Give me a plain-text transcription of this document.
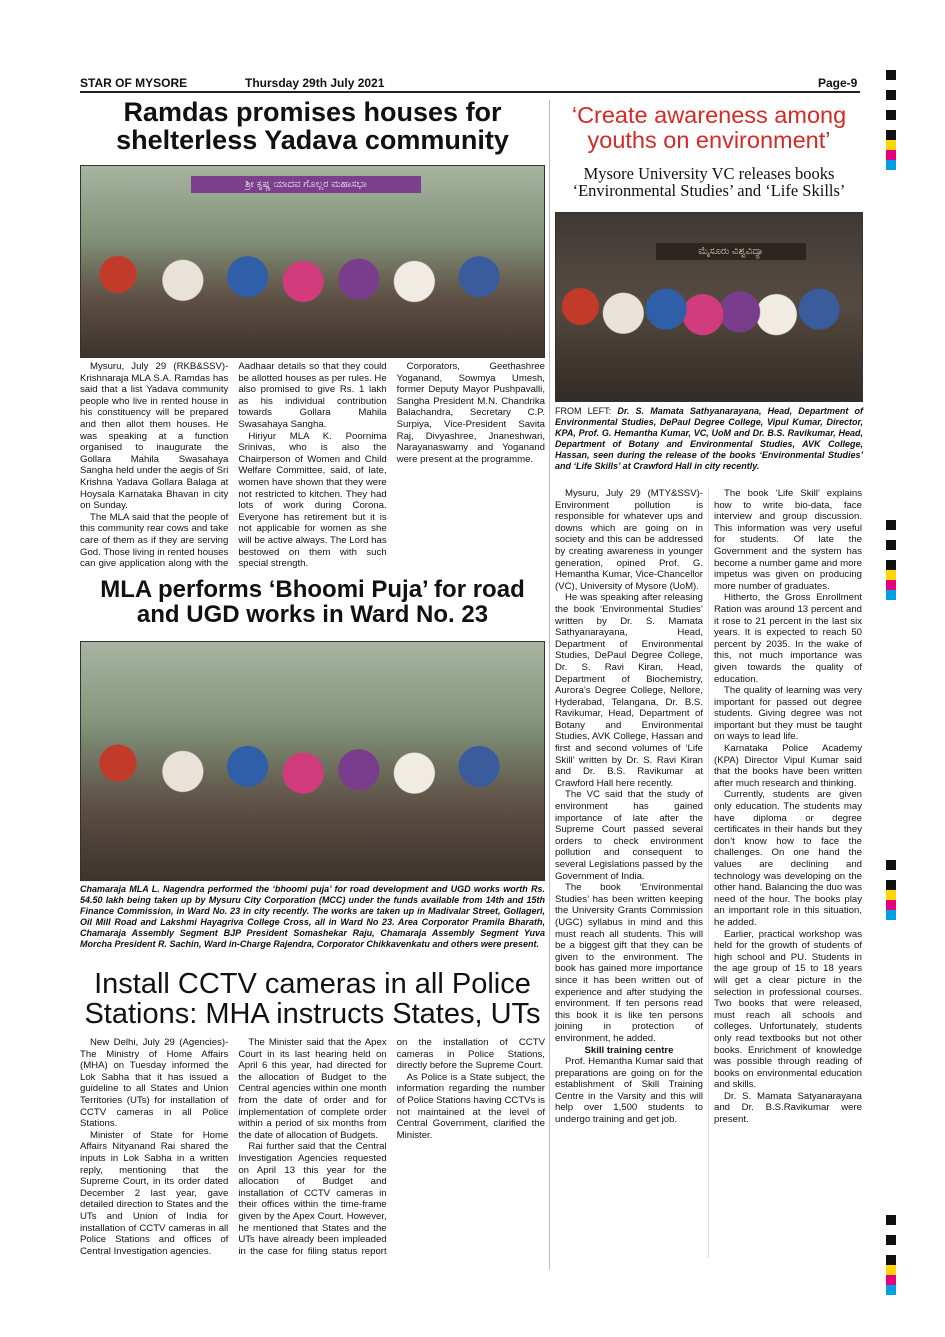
STAR OF MYSORE	Thursday 29th July 2021	Page-9
Ramdas promises houses for
shelterless Yadava community
ಶ್ರೀ ಕೃಷ್ಣ ಯಾದವ ಗೊಲ್ಲರ ಮಹಾಸಭಾ

Mysuru, July 29 (RKB&SSV)- Krishnaraja MLA S.A. Ramdas has said that a list Yadava community people who live in rented house in his constituency will be prepared and then allot them houses. He was speaking at a function organised to inaugurate the Gollara Mahila Swasahaya Sangha held under the aegis of Sri Krishna Yadava Gollara Balaga at Hoysala Karnataka Bhavan in city on Sunday.

The MLA said that the people of this community rear cows and take care of them as if they are serving God. Those living in rented houses can give application along with the Aadhaar details so that they could be allotted houses as per rules. He also promised to give Rs. 1 lakh as his individual contribution towards Gollara Mahila Swasahaya Sangha.

Hiriyur MLA K. Poornima Srinivas, who is also the Chairperson of Women and Child Welfare Committee, said, of late, women have shown that they were not restricted to kitchen. They had lots of work during Corona. Everyone has retirement but it is not applicable for women as she will be active always. The Lord has bestowed on them with such special strength.

Corporators, Geethashree Yoganand, Sowmya Umesh, former Deputy Mayor Pushpavalli, Sangha President M.N. Chandrika Balachandra, Secretary C.P. Surpiya, Vice-President Savita Raj, Divyashree, Jnaneshwari, Narayanaswamy and Yoganand were present at the programme.

MLA performs ‘Bhoomi Puja’ for road
and UGD works in Ward No. 23
Chamaraja MLA L. Nagendra performed the ‘bhoomi puja’ for road development and UGD works worth Rs. 54.50 lakh being taken up by Mysuru City Corporation (MCC) under the funds available from 14th and 15th Finance Commission, in Ward No. 23 in city recently. The works are taken up in Madivalar Street, Gollageri, Oil Mill Road and Lakshmi Hayagriva College Cross, all in Ward No 23. Area Corporator Pramila Bharath, Chamaraja Assembly Segment BJP President Somashekar Raju, Chamaraja Assembly Segment Yuva Morcha President R. Sachin, Ward in-Charge Rajendra, Corporator Chikkavenkatu and others were present.
Install CCTV cameras in all Police
Stations: MHA instructs States, UTs

New Delhi, July 29 (Agencies)- The Ministry of Home Affairs (MHA) on Tuesday informed the Lok Sabha that it has issued a guideline to all States and Union Territories (UTs) for installation of CCTV cameras in all Police Stations.

Minister of State for Home Affairs Nityanand Rai shared the inputs in Lok Sabha in a written reply, mentioning that the Supreme Court, in its order dated December 2 last year, gave detailed direction to States and the UTs and Union of India for installation of CCTV cameras in all Police Stations and offices of Central Investigation agencies.

The Minister said that the Apex Court in its last hearing held on April 6 this year, had directed for the allocation of Budget to the Central agencies within one month from the date of order and for implementation of complete order within a period of six months from the date of allocation of Budgets.

Rai further said that the Central Investigation Agencies requested on April 13 this year for the allocation of Budget and installation of CCTV cameras in their offices within the time-frame given by the Apex Court. However, he mentioned that States and the UTs have already been impleaded in the case for filing status report on the installation of CCTV cameras in Police Stations, directly before the Supreme Court.

As Police is a State subject, the information regarding the number of Police Stations having CCTVs is not maintained at the level of Central Government, clarified the Minister.

‘Create awareness among
youths on environment’
Mysore University VC releases books
‘Environmental Studies’ and ‘Life Skills’
ಮೈಸೂರು ವಿಶ್ವವಿದ್ಯಾ
FROM LEFT: Dr. S. Mamata Sathyanarayana, Head, Department of Environmental Studies, DePaul Degree College, Vipul Kumar, Director, KPA, Prof. G. Hemantha Kumar, VC, UoM and Dr. B.S. Ravikumar, Head, Department of Botany and Environmental Studies, AVK College, Hassan, seen during the release of the books ‘Environmental Studies’ and ‘Life Skills’ at Crawford Hall in city recently.

Mysuru, July 29 (MTY&SSV)- Environment pollution is responsible for whatever ups and downs which are going on in society and this can be addressed by creating awareness in younger generation, opined Prof. G. Hemantha Kumar, Vice-Chancellor (VC), University of Mysore (UoM).

He was speaking after releasing the book ‘Environmental Studies’ written by Dr. S. Mamata Sathyanarayana, Head, Department of Environmental Studies, DePaul Degree College, Dr. S. Ravi Kiran, Head, Department of Biochemistry, Aurora’s Degree College, Nellore, Hyderabad, Telangana, Dr. B.S. Ravikumar, Head, Department of Botany and Environmental Studies, AVK College, Hassan and first and second volumes of ‘Life Skill’ written by Dr. S. Ravi Kiran and Dr. B.S. Ravikumar at Crawford Hall here recently.

The VC said that the study of environment has gained importance of late after the Supreme Court passed several orders to check environment pollution and consequent to several Legislations passed by the Government of India.

The book ‘Environmental Studies’ has been written keeping the University Grants Commission (UGC) syllabus in mind and this must reach all students. This will be a biggest gift that they can be given to the environment. The book has gained more importance since it has been written out of experience and after studying the environment. If ten persons read this book it is like ten persons joining in protection of environment, he added.

Skill training centre

Prof. Hemantha Kumar said that preparations are going on for the establishment of Skill Training Centre in the Varsity and this will help over 1,500 students to undergo training and get job.

The book ‘Life Skill’ explains how to write bio-data, face interview and group discussion. This information was very useful for students. Of late the Government and the system has become a number game and more impetus was given on producing more number of graduates.

Hitherto, the Gross Enrollment Ration was around 13 percent and it rose to 21 percent in the last six years. It is expected to reach 50 percent by 2035. In the wake of this, not much importance was given towards the quality of education.

The quality of learning was very important for passed out degree students. Giving degree was not important but they must be taught on ways to lead life.

Karnataka Police Academy (KPA) Director Vipul Kumar said that the books have been written after much research and thinking.

Currently, students are given only education. The students may have diploma or degree certificates in their hands but they don’t know how to face the challenges. On one hand the values are declining and technology was developing on the other hand. Balancing the duo was need of the hour. The books play an important role in this situation, he added.

Earlier, practical workshop was held for the growth of students of high school and PU. Students in the age group of 15 to 18 years will get a clear picture in the selection in professional courses. Two books that were released, must reach all schools and colleges. Unfortunately, students only read textbooks but not other books. Enrichment of knowledge was possible through reading of books on environmental education and skills.

Dr. S. Mamata Satyanarayana and Dr. B.S.Ravikumar were present.
